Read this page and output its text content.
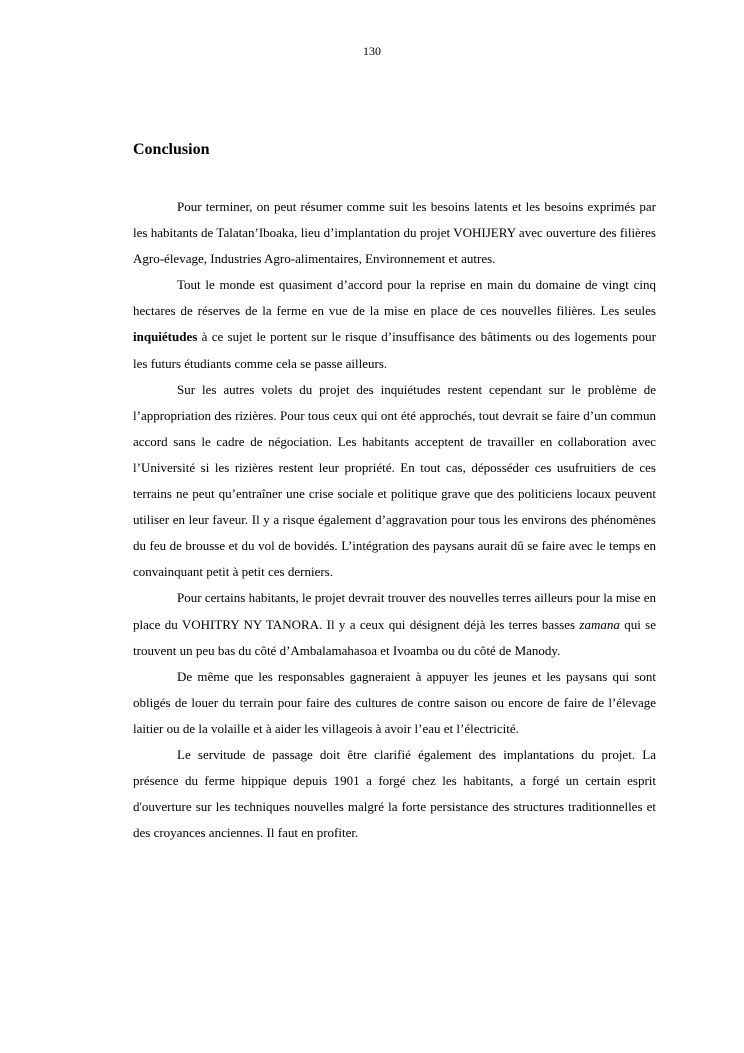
130
Conclusion

Pour terminer, on peut résumer comme suit les besoins latents et les besoins exprimés par les habitants de Talatan’Iboaka, lieu d’implantation du projet VOHIJERY avec ouverture des filières Agro-élevage, Industries Agro-alimentaires, Environnement et autres.

Tout le monde est quasiment d’accord pour la reprise en main du domaine de vingt cinq hectares de réserves de la ferme en vue de la mise en place de ces nouvelles filières. Les seules inquiétudes à ce sujet le portent sur le risque d’insuffisance des bâtiments ou des logements pour les futurs étudiants comme cela se passe ailleurs.

Sur les autres volets du projet des inquiétudes restent cependant sur le problème de l’appropriation des rizières. Pour tous ceux qui ont été approchés, tout devrait se faire d’un commun accord sans le cadre de négociation. Les habitants acceptent de travailler en collaboration avec l’Université si les rizières restent leur propriété. En tout cas, déposséder ces usufruitiers de ces terrains ne peut qu’entraîner une crise sociale et politique grave que des politiciens locaux peuvent utiliser en leur faveur. Il y a risque également d’aggravation pour tous les environs des phénomènes du feu de brousse et du vol de bovidés. L’intégration des paysans aurait dû se faire avec le temps en convainquant petit à petit ces derniers.

Pour certains habitants, le projet devrait trouver des nouvelles terres ailleurs pour la mise en place du VOHITRY NY TANORA. Il y a ceux qui désignent déjà les terres basses zamana qui se trouvent un peu bas du côté d’Ambalamahasoa et Ivoamba ou du côté de Manody.

De même que les responsables gagneraient à appuyer les jeunes et les paysans qui sont obligés de louer du terrain pour faire des cultures de contre saison ou encore de faire de l’élevage laitier ou de la volaille et à aider les villageois à avoir l’eau et l’électricité.

Le servitude de passage doit être clarifié également des implantations du projet. La présence du ferme hippique depuis 1901 a forgé chez les habitants, a forgé un certain esprit d'ouverture sur les techniques nouvelles malgré la forte persistance des structures traditionnelles et des croyances anciennes. Il faut en profiter.
